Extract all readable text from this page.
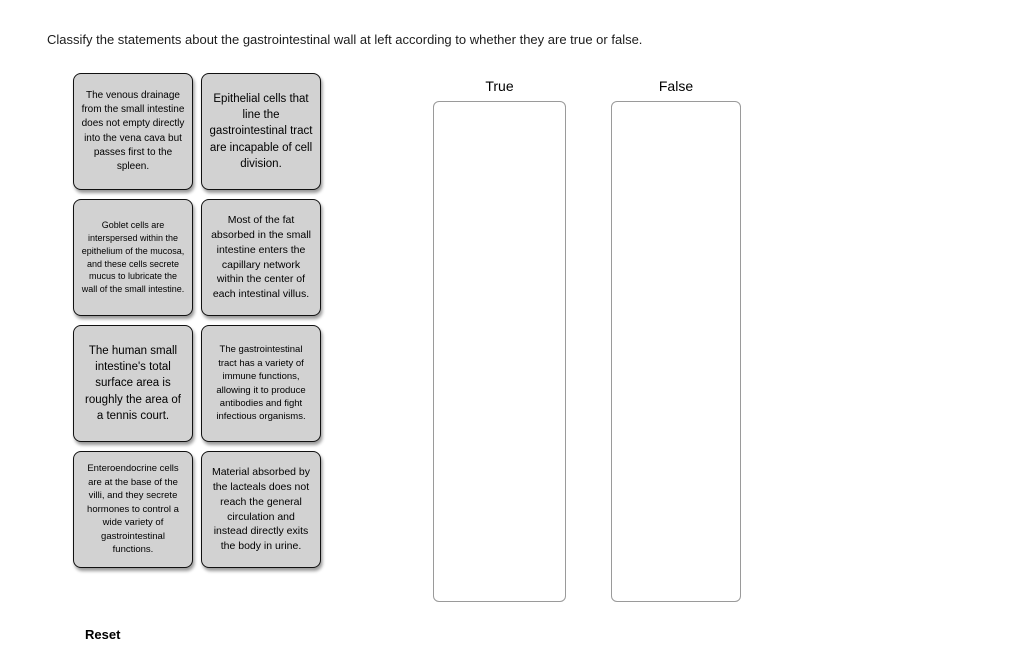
Classify the statements about the gastrointestinal wall at left according to whether they are true or false.
The venous drainage from the small intestine does not empty directly into the vena cava but passes first to the spleen.
Epithelial cells that line the gastrointestinal tract are incapable of cell division.
Goblet cells are interspersed within the epithelium of the mucosa, and these cells secrete mucus to lubricate the wall of the small intestine.
Most of the fat absorbed in the small intestine enters the capillary network within the center of each intestinal villus.
The human small intestine's total surface area is roughly the area of a tennis court.
The gastrointestinal tract has a variety of immune functions, allowing it to produce antibodies and fight infectious organisms.
Enteroendocrine cells are at the base of the villi, and they secrete hormones to control a wide variety of gastrointestinal functions.
Material absorbed by the lacteals does not reach the general circulation and instead directly exits the body in urine.
True	False
Reset
